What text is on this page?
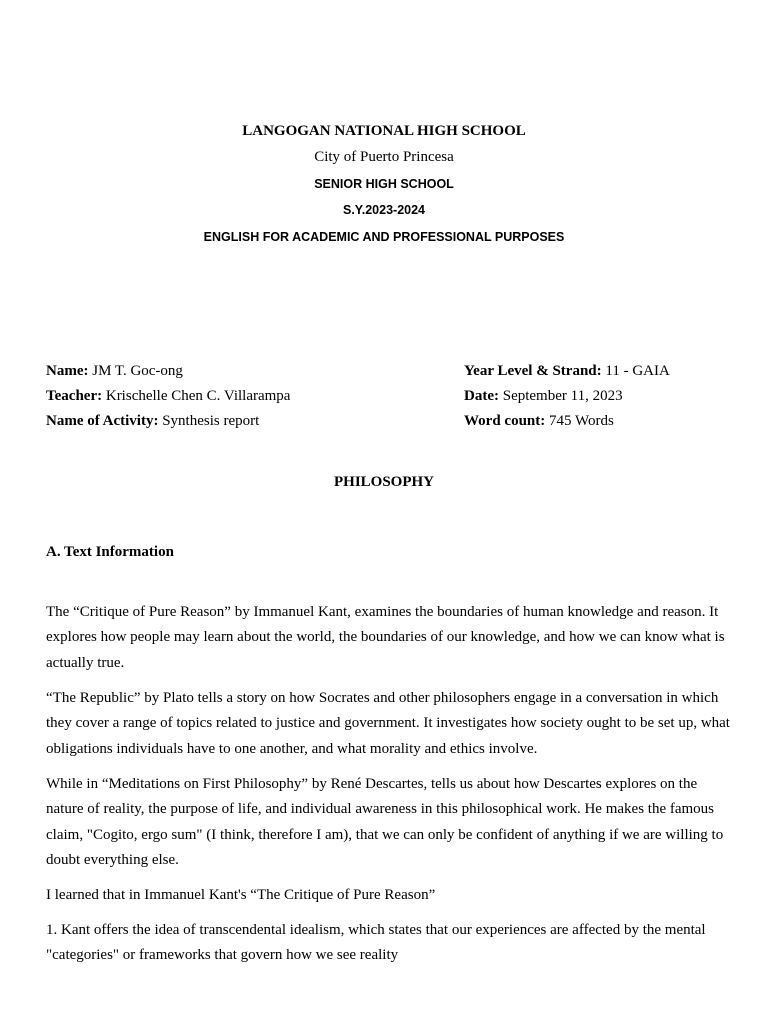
LANGOGAN NATIONAL HIGH SCHOOL
City of Puerto Princesa
SENIOR HIGH SCHOOL
S.Y.2023-2024
ENGLISH FOR ACADEMIC AND PROFESSIONAL PURPOSES
Name: JM T. Goc-ong
Teacher: Krischelle Chen C. Villarampa
Name of Activity: Synthesis report
Year Level & Strand: 11 - GAIA
Date: September 11, 2023
Word count: 745 Words
PHILOSOPHY
A. Text Information

The “Critique of Pure Reason” by Immanuel Kant, examines the boundaries of human knowledge and reason. It explores how people may learn about the world, the boundaries of our knowledge, and how we can know what is actually true.

“The Republic” by Plato tells a story on how Socrates and other philosophers engage in a conversation in which they cover a range of topics related to justice and government. It investigates how society ought to be set up, what obligations individuals have to one another, and what morality and ethics involve.

While in “Meditations on First Philosophy” by René Descartes, tells us about how Descartes explores on the nature of reality, the purpose of life, and individual awareness in this philosophical work. He makes the famous claim, "Cogito, ergo sum" (I think, therefore I am), that we can only be confident of anything if we are willing to doubt everything else.

I learned that in Immanuel Kant's “The Critique of Pure Reason”

1. Kant offers the idea of transcendental idealism, which states that our experiences are affected by the mental "categories" or frameworks that govern how we see reality
